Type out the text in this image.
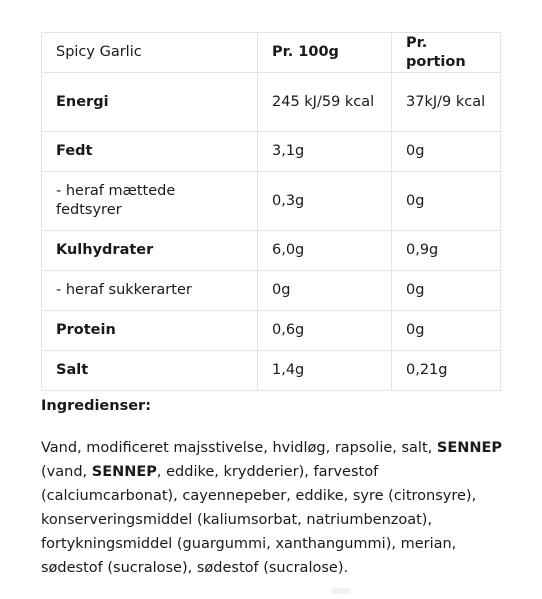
Spicy Garlic	Pr. 100g	Pr. portion
Energi	245 kJ/59 kcal	37kJ/9 kcal
Fedt	3,1g	0g
- heraf mættede fedtsyrer	0,3g	0g
Kulhydrater	6,0g	0,9g
- heraf sukkerarter	0g	0g
Protein	0,6g	0g
Salt	1,4g	0,21g

Ingredienser:

Vand, modificeret majsstivelse, hvidløg, rapsolie, salt, SENNEP (vand, SENNEP, eddike, krydderier), farvestof (calciumcarbonat), cayennepeber, eddike, syre (citronsyre), konserveringsmiddel (kaliumsorbat, natriumbenzoat), fortykningsmiddel (guargummi, xanthangummi), merian, sødestof (sucralose), sødestof (sucralose).
